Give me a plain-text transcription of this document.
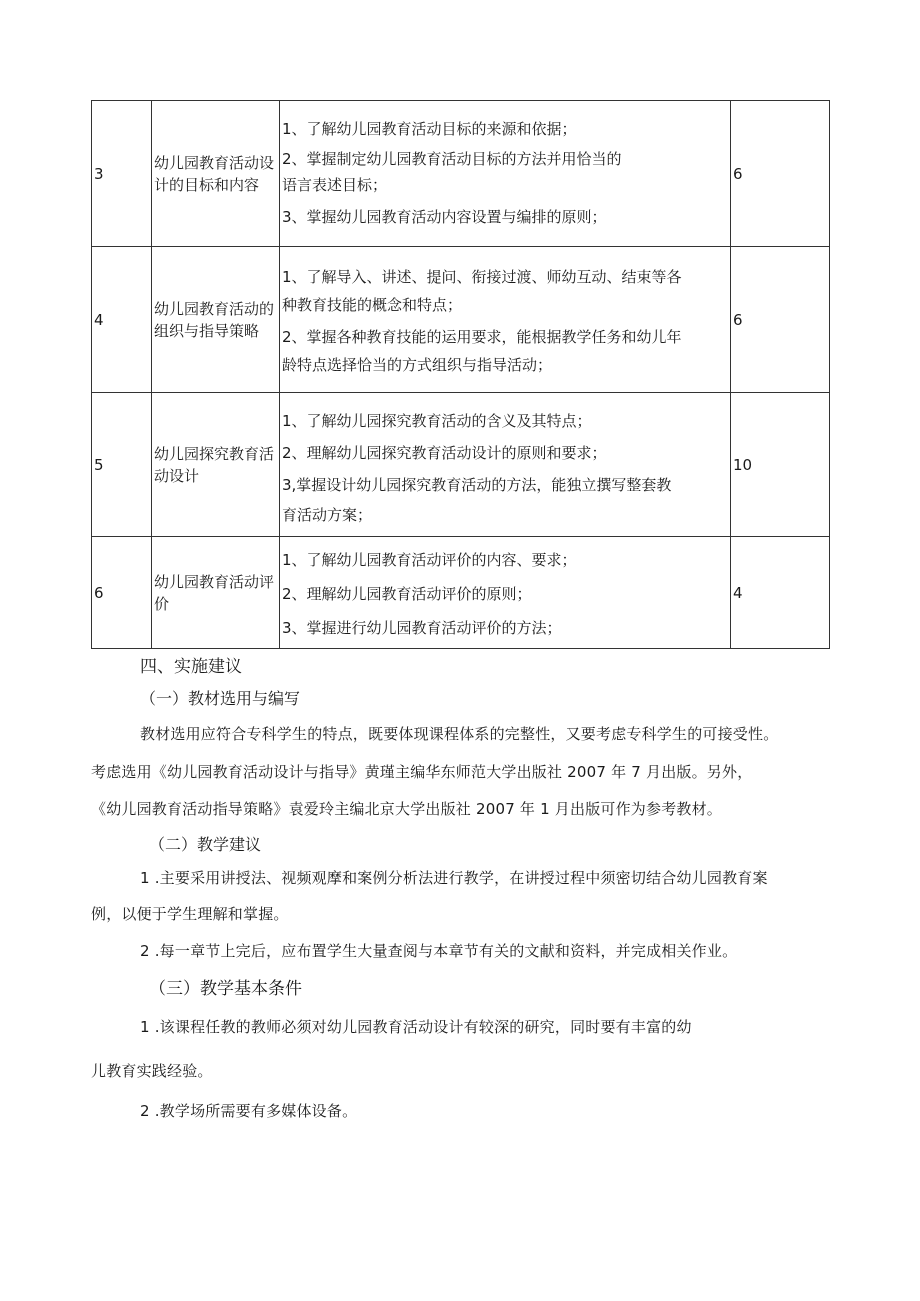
3	幼儿园教育活动设计的目标和内容	1、了解幼儿园教育活动目标的来源和依据；
2、掌握制定幼儿园教育活动目标的方法并用恰当的
语言表述目标；
3、掌握幼儿园教育活动内容设置与编排的原则；	6
4	幼儿园教育活动的组织与指导策略	1、了解导入、讲述、提问、衔接过渡、师幼互动、结束等各
种教育技能的概念和特点；
2、掌握各种教育技能的运用要求，能根据教学任务和幼儿年
龄特点选择恰当的方式组织与指导活动；	6
5	幼儿园探究教育活动设计	1、了解幼儿园探究教育活动的含义及其特点；
2、理解幼儿园探究教育活动设计的原则和要求；
3,掌握设计幼儿园探究教育活动的方法，能独立撰写整套教
育活动方案；	10
6	幼儿园教育活动评价	1、了解幼儿园教育活动评价的内容、要求；
2、理解幼儿园教育活动评价的原则；
3、掌握进行幼儿园教育活动评价的方法；	4
四、实施建议
（一）教材选用与编写
教材选用应符合专科学生的特点，既要体现课程体系的完整性，又要考虑专科学生的可接受性。
考虑选用《幼儿园教育活动设计与指导》黄瑾主编华东师范大学出版社 2007 年 7 月出版。另外，
《幼儿园教育活动指导策略》袁爱玲主编北京大学出版社 2007 年 1 月出版可作为参考教材。
（二）教学建议
1 .主要采用讲授法、视频观摩和案例分析法进行教学，在讲授过程中须密切结合幼儿园教育案
例，以便于学生理解和掌握。
2 .每一章节上完后，应布置学生大量查阅与本章节有关的文献和资料，并完成相关作业。
（三）教学基本条件
1 .该课程任教的教师必须对幼儿园教育活动设计有较深的研究，同时要有丰富的幼
儿教育实践经验。
2 .教学场所需要有多媒体设备。
